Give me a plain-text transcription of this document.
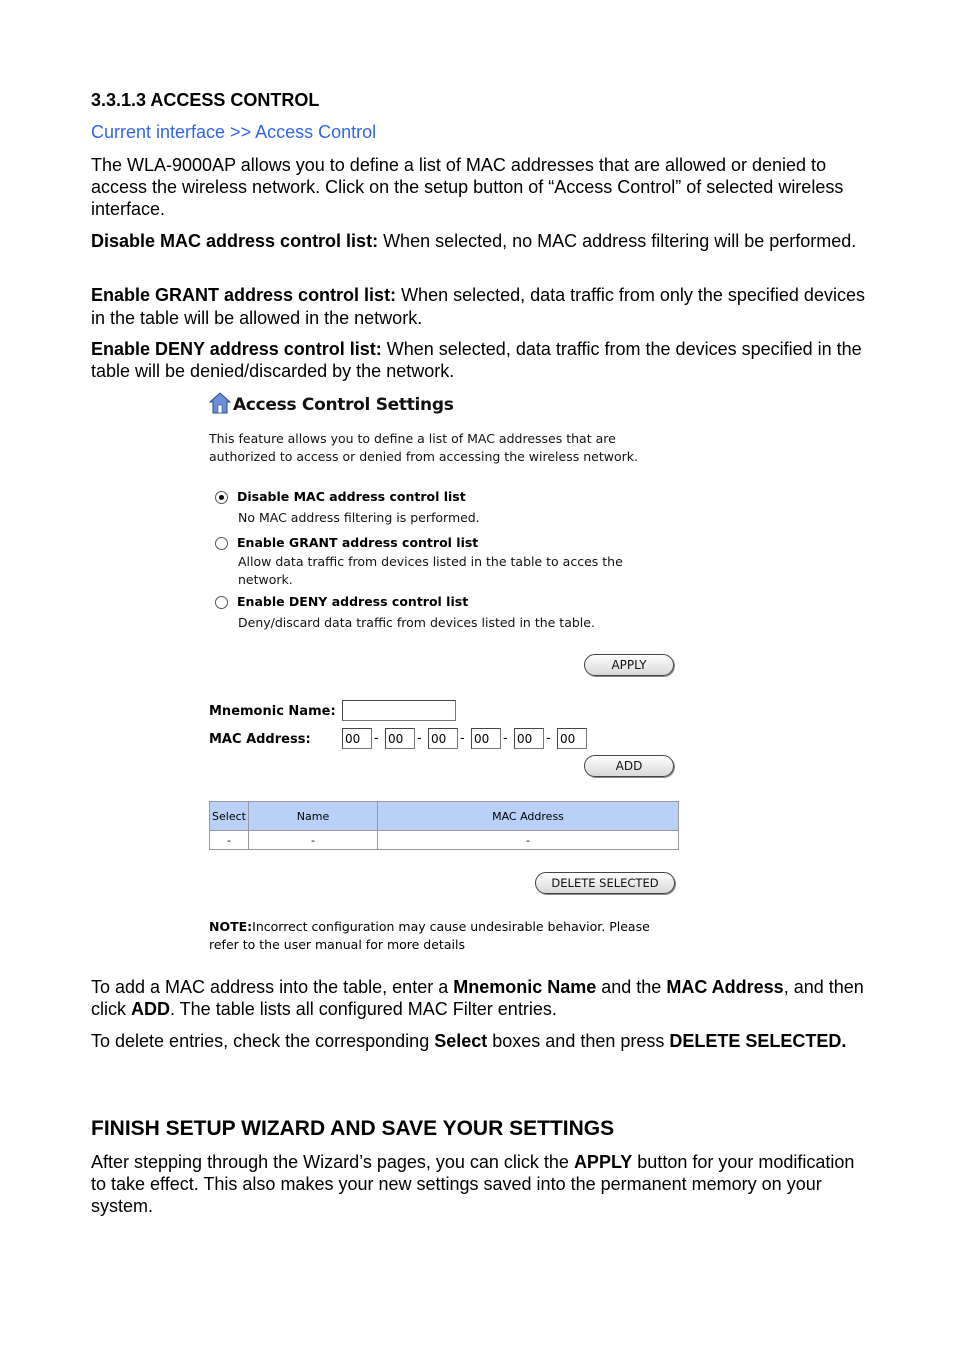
3.3.1.3 ACCESS CONTROL
Current interface >> Access Control

The WLA-9000AP allows you to define a list of MAC addresses that are allowed or denied to access the wireless network. Click on the setup button of “Access Control” of selected wireless interface.

Disable MAC address control list: When selected, no MAC address filtering will be performed.

Enable GRANT address control list: When selected, data traffic from only the specified devices in the table will be allowed in the network.

Enable DENY address control list: When selected, data traffic from the devices specified in the table will be denied/discarded by the network.

Access Control Settings
This feature allows you to define a list of MAC addresses that are authorized to access or denied from accessing the wireless network.
Disable MAC address control list
No MAC address filtering is performed.
Enable GRANT address control list
Allow data traffic from devices listed in the table to acces the
network.
Enable DENY address control list
Deny/discard data traffic from devices listed in the table.
APPLY
Mnemonic Name:
MAC Address:	00	- 00	- 00	- 00	- 00	- 00
ADD
Select	Name	MAC Address
-	-	-
DELETE SELECTED
NOTE:Incorrect configuration may cause undesirable behavior. Please refer to the user manual for more details

To add a MAC address into the table, enter a Mnemonic Name and the MAC Address, and then click ADD. The table lists all configured MAC Filter entries.

To delete entries, check the corresponding Select boxes and then press DELETE SELECTED.

FINISH SETUP WIZARD AND SAVE YOUR SETTINGS

After stepping through the Wizard’s pages, you can click the APPLY button for your modification to take effect. This also makes your new settings saved into the permanent memory on your system.
